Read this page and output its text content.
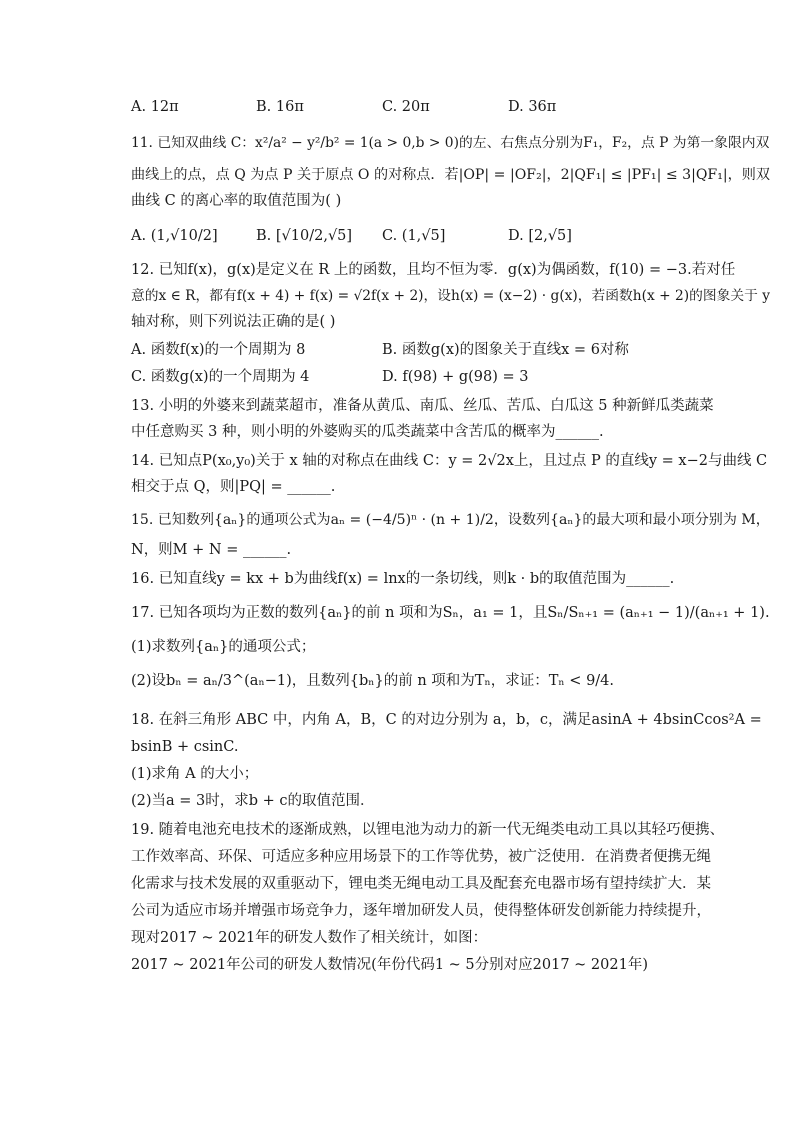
A. 12π	B. 16π	C. 20π	D. 36π
11. 已知双曲线 C：x²/a² − y²/b² = 1(a > 0,b > 0)的左、右焦点分别为F₁，F₂，点 P 为第一象限内双
曲线上的点，点 Q 为点 P 关于原点 O 的对称点．若|OP| = |OF₂|，2|QF₁| ≤ |PF₁| ≤ 3|QF₁|，则双
曲线 C 的离心率的取值范围为( )
A. (1,√10/2]	B. [√10/2,√5] C. (1,√5]	D. [2,√5]
12. 已知f(x)，g(x)是定义在 R 上的函数，且均不恒为零．g(x)为偶函数，f(10) = −3.若对任
意的x ∈ R，都有f(x + 4) + f(x) = √2f(x + 2)，设h(x) = (x−2) · g(x)，若函数h(x + 2)的图象关于 y
轴对称，则下列说法正确的是( )
A. 函数f(x)的一个周期为 8	B. 函数g(x)的图象关于直线x = 6对称
C. 函数g(x)的一个周期为 4	D. f(98) + g(98) = 3
13. 小明的外婆来到蔬菜超市，准备从黄瓜、南瓜、丝瓜、苦瓜、白瓜这 5 种新鲜瓜类蔬菜
中任意购买 3 种，则小明的外婆购买的瓜类蔬菜中含苦瓜的概率为______.
14. 已知点P(x₀,y₀)关于 x 轴的对称点在曲线 C：y = 2√2x上，且过点 P 的直线y = x−2与曲线 C
相交于点 Q，则|PQ| = ______.
15. 已知数列{aₙ}的通项公式为aₙ = (−4/5)ⁿ · (n + 1)/2，设数列{aₙ}的最大项和最小项分别为 M，
N，则M + N = ______.
16. 已知直线y = kx + b为曲线f(x) = lnx的一条切线，则k · b的取值范围为______.
17. 已知各项均为正数的数列{aₙ}的前 n 项和为Sₙ，a₁ = 1，且Sₙ/Sₙ₊₁ = (aₙ₊₁ − 1)/(aₙ₊₁ + 1).
(1)求数列{aₙ}的通项公式；
(2)设bₙ = aₙ/3^(aₙ−1)，且数列{bₙ}的前 n 项和为Tₙ，求证：Tₙ < 9/4.
18. 在斜三角形 ABC 中，内角 A，B，C 的对边分别为 a，b，c，满足asinA + 4bsinCcos²A =
bsinB + csinC.
(1)求角 A 的大小；
(2)当a = 3时，求b + c的取值范围．
19. 随着电池充电技术的逐渐成熟，以锂电池为动力的新一代无绳类电动工具以其轻巧便携、
工作效率高、环保、可适应多种应用场景下的工作等优势，被广泛使用．在消费者便携无绳
化需求与技术发展的双重驱动下，锂电类无绳电动工具及配套充电器市场有望持续扩大．某
公司为适应市场并增强市场竞争力，逐年增加研发人员，使得整体研发创新能力持续提升，
现对2017 ~ 2021年的研发人数作了相关统计，如图：
2017 ~ 2021年公司的研发人数情况(年份代码1 ~ 5分别对应2017 ~ 2021年)
